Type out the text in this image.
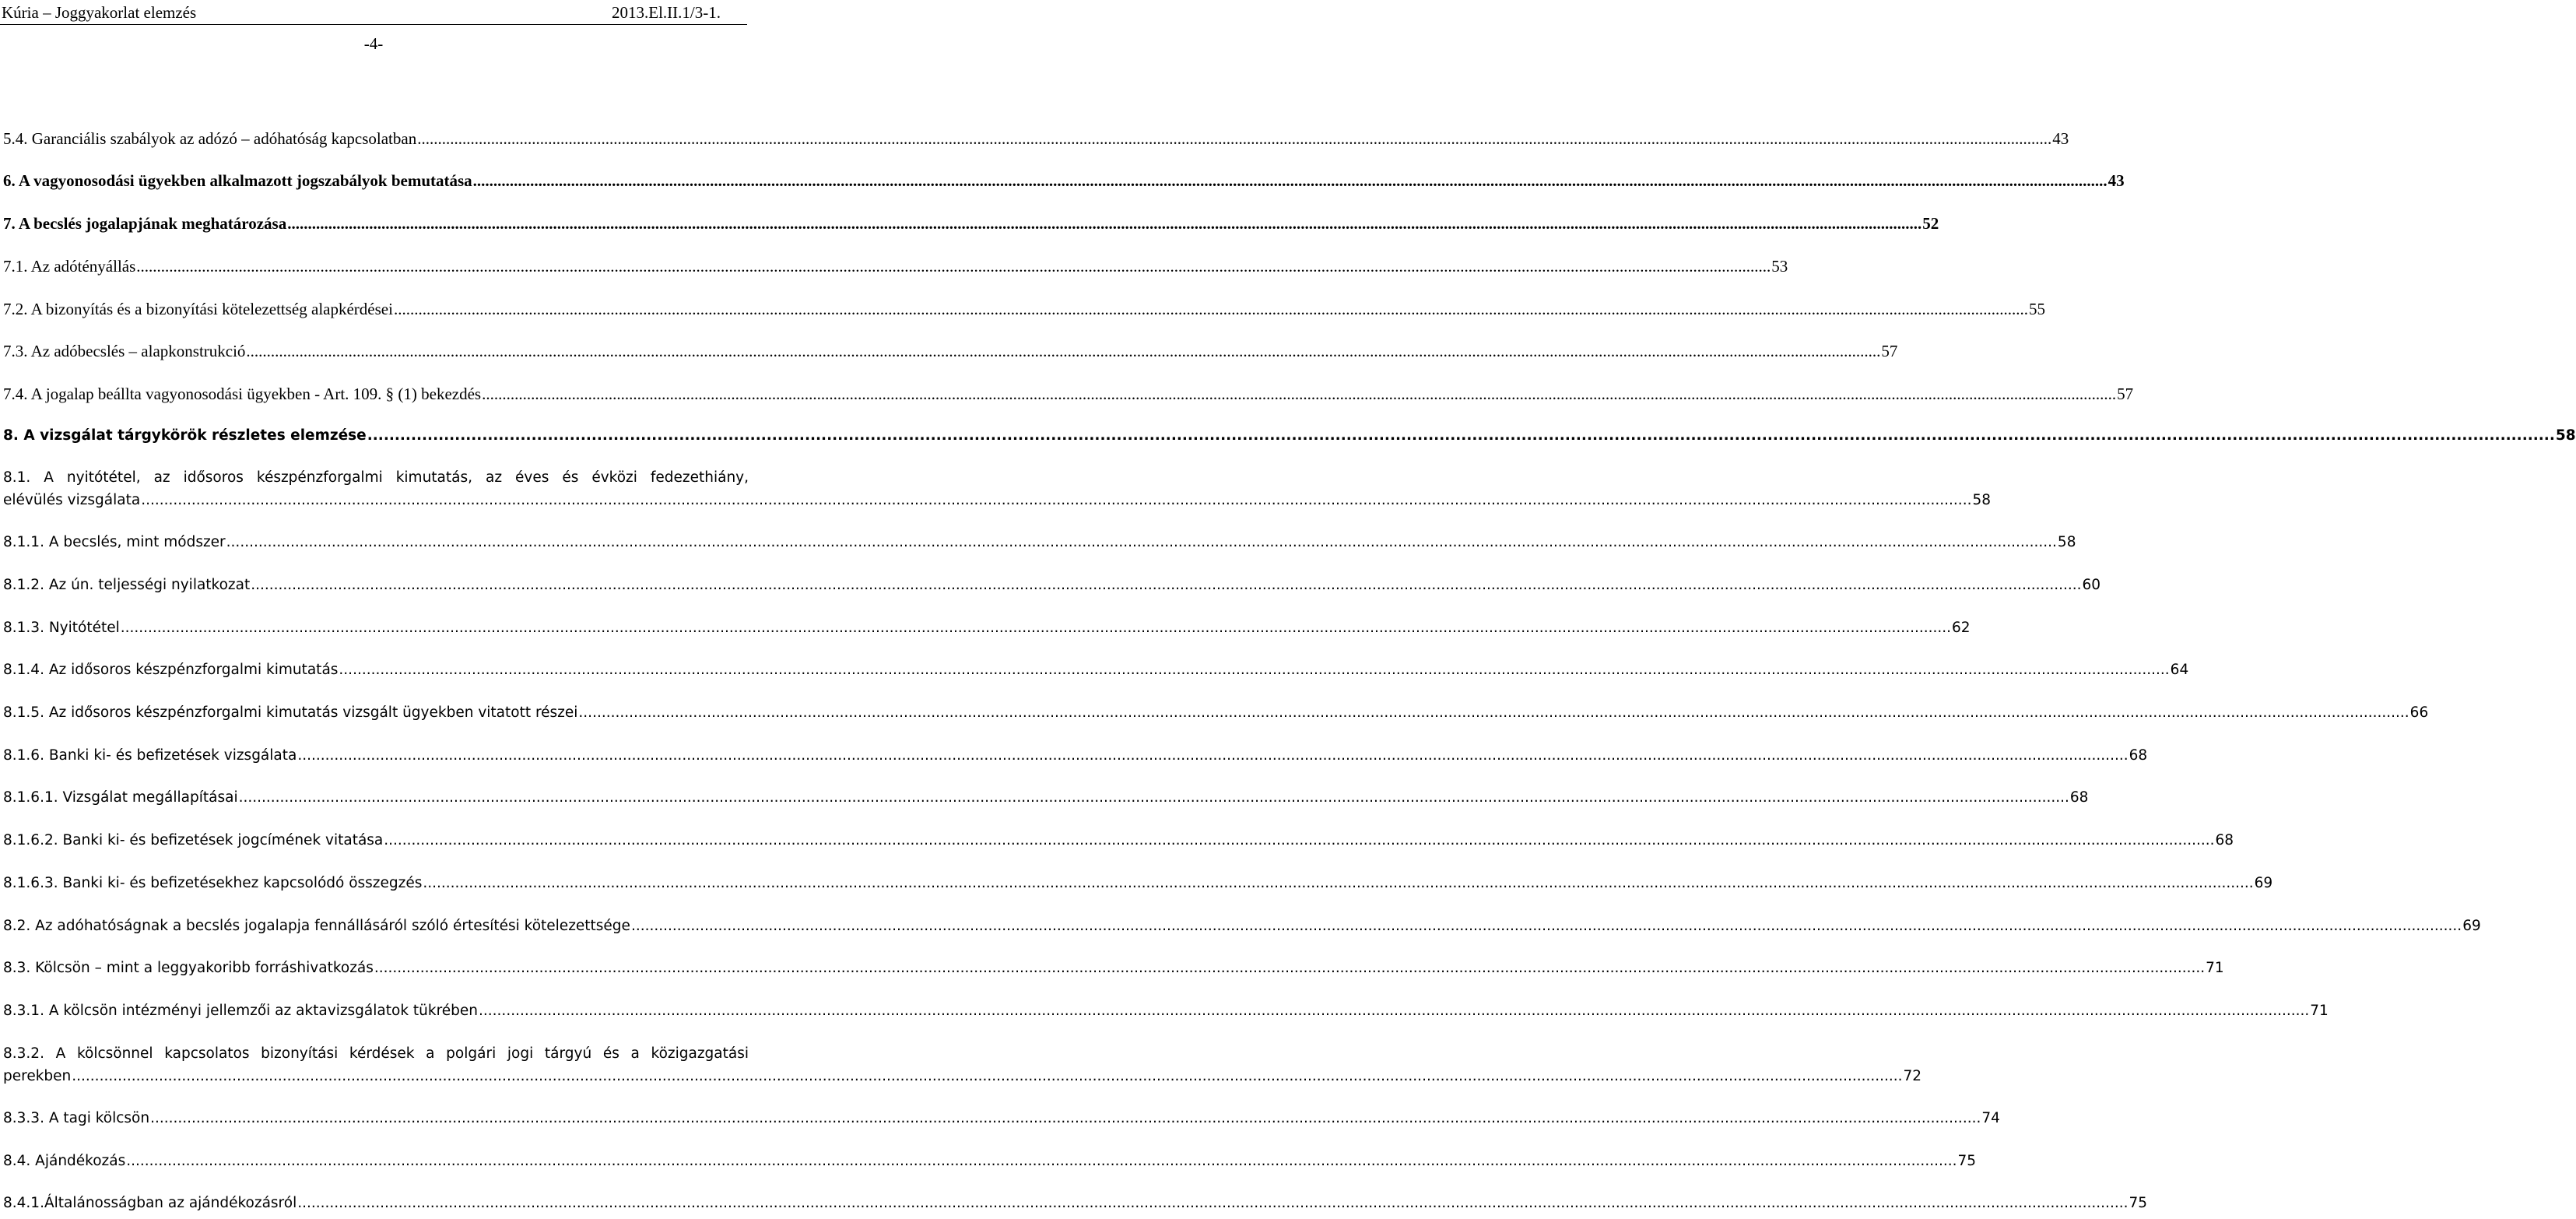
Kúria – Joggyakorlat elemzés	2013.El.II.1/3-1.
-4-
5.4. Garanciális szabályok az adózó – adóhatóság kapcsolatban ................................................................................................................................................................................................................................................................................................................................................................................................................ 43
6. A vagyonosodási ügyekben alkalmazott jogszabályok bemutatása ................................................................................................................................................................................................................................................................................................................................................................................................................ 43
7. A becslés jogalapjának meghatározása ................................................................................................................................................................................................................................................................................................................................................................................................................ 52
7.1. Az adótényállás ................................................................................................................................................................................................................................................................................................................................................................................................................ 53
7.2. A bizonyítás és a bizonyítási kötelezettség alapkérdései ................................................................................................................................................................................................................................................................................................................................................................................................................ 55
7.3. Az adóbecslés – alapkonstrukció ................................................................................................................................................................................................................................................................................................................................................................................................................ 57
7.4. A jogalap beállta vagyonosodási ügyekben - Art. 109. § (1) bekezdés ................................................................................................................................................................................................................................................................................................................................................................................................................ 57
8. A vizsgálat tárgykörök részletes elemzése ................................................................................................................................................................................................................................................................................................................................................................................................................ 58
8.1. A nyitótétel, az idősoros készpénzforgalmi kimutatás, az éves és évközi fedezethiány,
elévülés vizsgálata ................................................................................................................................................................................................................................................................................................................................................................................................................ 58
8.1.1. A becslés, mint módszer ................................................................................................................................................................................................................................................................................................................................................................................................................ 58
8.1.2. Az ún. teljességi nyilatkozat ................................................................................................................................................................................................................................................................................................................................................................................................................ 60
8.1.3. Nyitótétel ................................................................................................................................................................................................................................................................................................................................................................................................................ 62
8.1.4. Az idősoros készpénzforgalmi kimutatás ................................................................................................................................................................................................................................................................................................................................................................................................................ 64
8.1.5. Az idősoros készpénzforgalmi kimutatás vizsgált ügyekben vitatott részei ................................................................................................................................................................................................................................................................................................................................................................................................................ 66
8.1.6. Banki ki- és befizetések vizsgálata ................................................................................................................................................................................................................................................................................................................................................................................................................ 68
8.1.6.1. Vizsgálat megállapításai ................................................................................................................................................................................................................................................................................................................................................................................................................ 68
8.1.6.2. Banki ki- és befizetések jogcímének vitatása ................................................................................................................................................................................................................................................................................................................................................................................................................ 68
8.1.6.3. Banki ki- és befizetésekhez kapcsolódó összegzés ................................................................................................................................................................................................................................................................................................................................................................................................................ 69
8.2. Az adóhatóságnak a becslés jogalapja fennállásáról szóló értesítési kötelezettsége ................................................................................................................................................................................................................................................................................................................................................................................................................ 69
8.3. Kölcsön – mint a leggyakoribb forráshivatkozás ................................................................................................................................................................................................................................................................................................................................................................................................................ 71
8.3.1. A kölcsön intézményi jellemzői az aktavizsgálatok tükrében ................................................................................................................................................................................................................................................................................................................................................................................................................ 71
8.3.2. A kölcsönnel kapcsolatos bizonyítási kérdések a polgári jogi tárgyú és a közigazgatási
perekben ................................................................................................................................................................................................................................................................................................................................................................................................................ 72
8.3.3. A tagi kölcsön ................................................................................................................................................................................................................................................................................................................................................................................................................ 74
8.4. Ajándékozás ................................................................................................................................................................................................................................................................................................................................................................................................................ 75
8.4.1.Általánosságban az ajándékozásról ................................................................................................................................................................................................................................................................................................................................................................................................................ 75
